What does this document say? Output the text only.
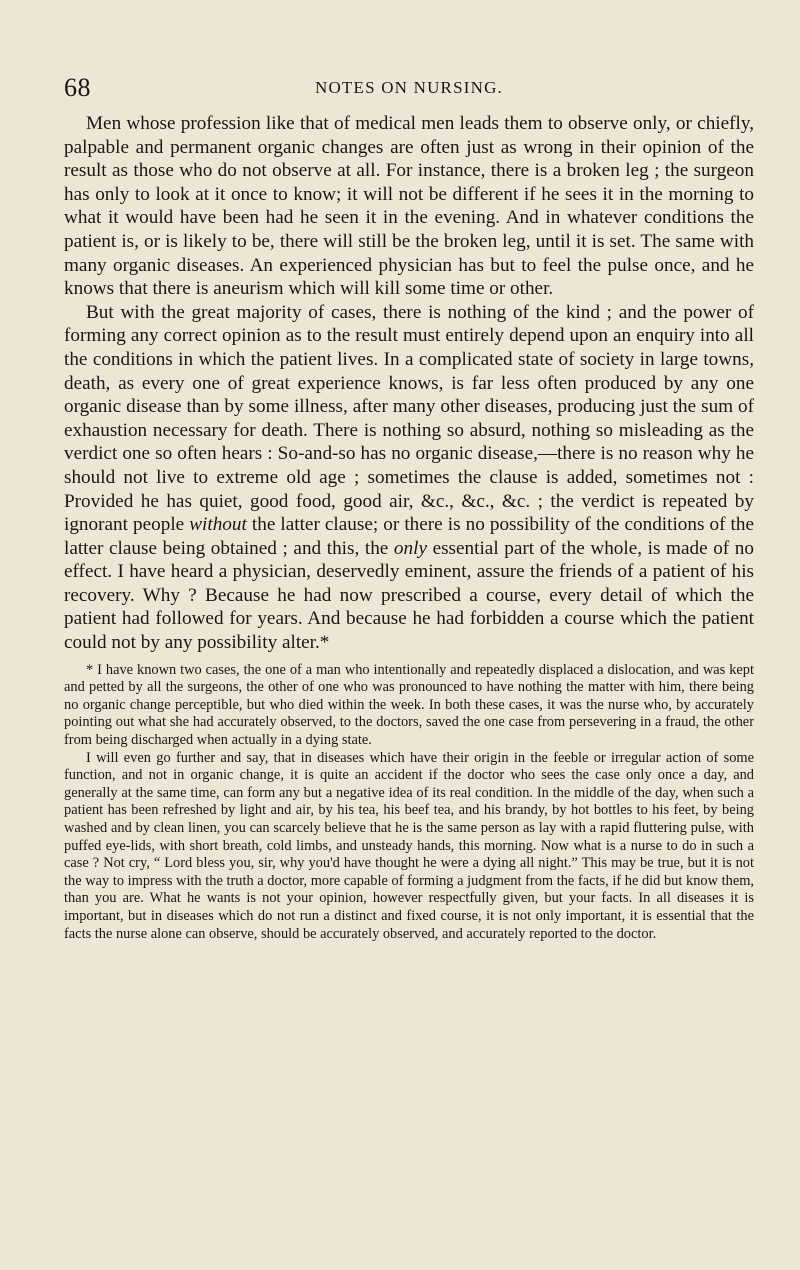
68	NOTES ON NURSING.

Men whose profession like that of medical men leads them to observe only, or chiefly, palpable and permanent organic changes are often just as wrong in their opinion of the result as those who do not observe at all. For instance, there is a broken leg ; the surgeon has only to look at it once to know; it will not be different if he sees it in the morning to what it would have been had he seen it in the evening. And in whatever conditions the patient is, or is likely to be, there will still be the broken leg, until it is set. The same with many organic diseases. An experienced physician has but to feel the pulse once, and he knows that there is aneurism which will kill some time or other.

But with the great majority of cases, there is nothing of the kind ; and the power of forming any correct opinion as to the result must entirely depend upon an enquiry into all the conditions in which the patient lives. In a complicated state of society in large towns, death, as every one of great experience knows, is far less often produced by any one organic disease than by some illness, after many other diseases, producing just the sum of exhaustion necessary for death. There is nothing so absurd, nothing so misleading as the verdict one so often hears : So-and-so has no organic disease,—there is no reason why he should not live to extreme old age ; sometimes the clause is added, sometimes not : Provided he has quiet, good food, good air, &c., &c., &c. ; the verdict is repeated by ignorant people without the latter clause; or there is no possibility of the conditions of the latter clause being obtained ; and this, the only essential part of the whole, is made of no effect. I have heard a physician, deservedly eminent, assure the friends of a patient of his recovery. Why ? Because he had now prescribed a course, every detail of which the patient had followed for years. And because he had forbidden a course which the patient could not by any possibility alter.*

* I have known two cases, the one of a man who intentionally and repeatedly displaced a dislocation, and was kept and petted by all the surgeons, the other of one who was pronounced to have nothing the matter with him, there being no organic change perceptible, but who died within the week. In both these cases, it was the nurse who, by accurately pointing out what she had accurately observed, to the doctors, saved the one case from persevering in a fraud, the other from being discharged when actually in a dying state.

I will even go further and say, that in diseases which have their origin in the feeble or irregular action of some function, and not in organic change, it is quite an accident if the doctor who sees the case only once a day, and generally at the same time, can form any but a negative idea of its real condition. In the middle of the day, when such a patient has been refreshed by light and air, by his tea, his beef tea, and his brandy, by hot bottles to his feet, by being washed and by clean linen, you can scarcely believe that he is the same person as lay with a rapid fluttering pulse, with puffed eye-lids, with short breath, cold limbs, and unsteady hands, this morning. Now what is a nurse to do in such a case ? Not cry, “ Lord bless you, sir, why you'd have thought he were a dying all night.” This may be true, but it is not the way to impress with the truth a doctor, more capable of forming a judgment from the facts, if he did but know them, than you are. What he wants is not your opinion, however respectfully given, but your facts. In all diseases it is important, but in diseases which do not run a distinct and fixed course, it is not only important, it is essential that the facts the nurse alone can observe, should be accurately observed, and accurately reported to the doctor.
